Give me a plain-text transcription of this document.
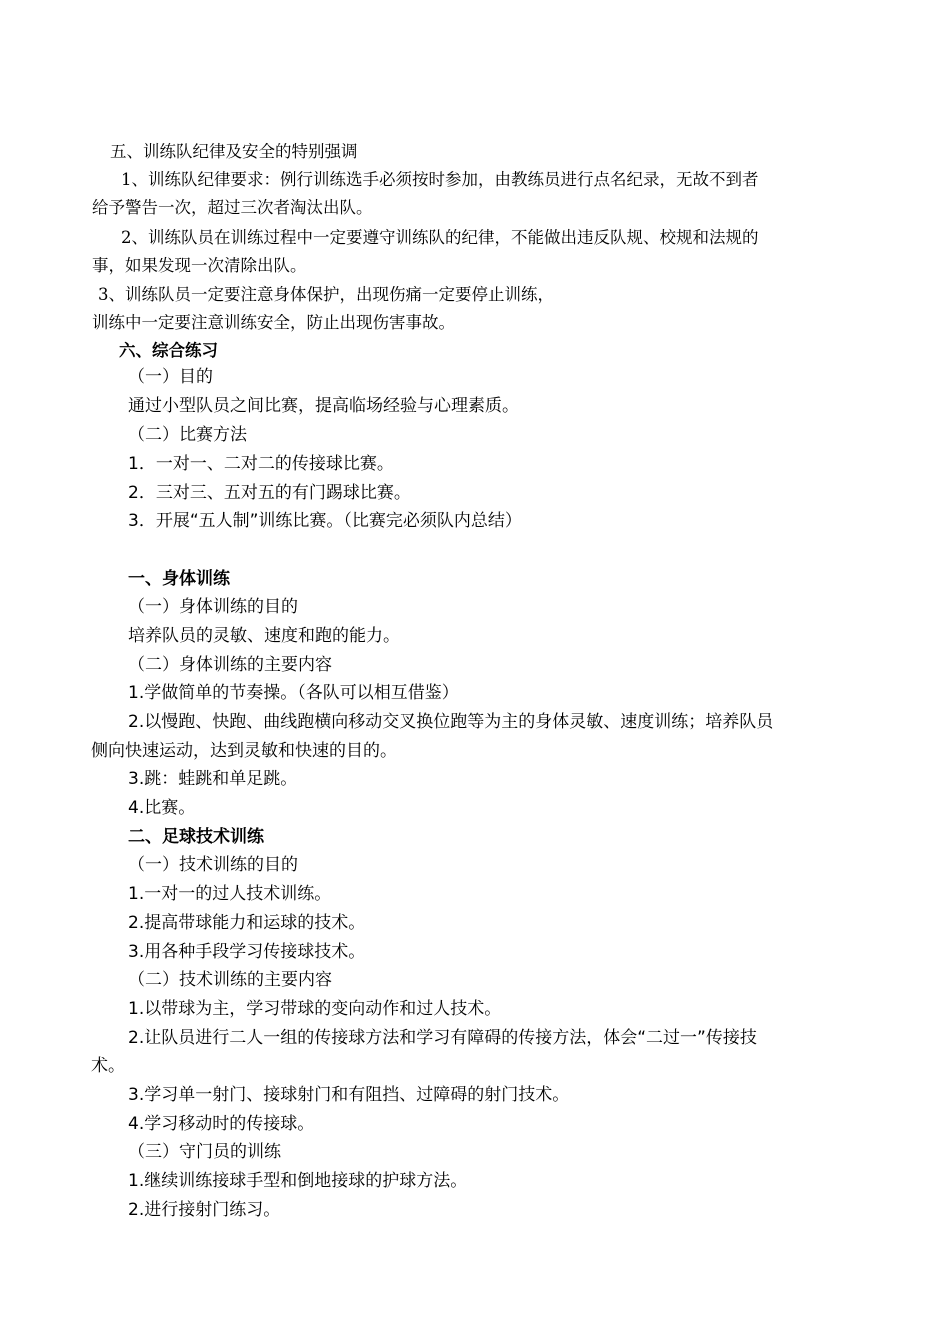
五、训练队纪律及安全的特别强调
1、训练队纪律要求：例行训练选手必须按时参加，由教练员进行点名纪录，无故不到者
给予警告一次，超过三次者淘汰出队。
2、训练队员在训练过程中一定要遵守训练队的纪律，不能做出违反队规、校规和法规的
事，如果发现一次清除出队。
3、训练队员一定要注意身体保护，出现伤痛一定要停止训练，
训练中一定要注意训练安全，防止出现伤害事故。
六、综合练习
（一）目的
通过小型队员之间比赛，提高临场经验与心理素质。
（二）比赛方法
1．一对一、二对二的传接球比赛。
2．三对三、五对五的有门踢球比赛。
3．开展“五人制”训练比赛。（比赛完必须队内总结）
一、身体训练
（一）身体训练的目的
培养队员的灵敏、速度和跑的能力。
（二）身体训练的主要内容
1.学做简单的节奏操。（各队可以相互借鉴）
2.以慢跑、快跑、曲线跑横向移动交叉换位跑等为主的身体灵敏、速度训练；培养队员
侧向快速运动，达到灵敏和快速的目的。
3.跳：蛙跳和单足跳。
4.比赛。
二、足球技术训练
（一）技术训练的目的
1.一对一的过人技术训练。
2.提高带球能力和运球的技术。
3.用各种手段学习传接球技术。
（二）技术训练的主要内容
1.以带球为主，学习带球的变向动作和过人技术。
2.让队员进行二人一组的传接球方法和学习有障碍的传接方法，体会“二过一”传接技
术。
3.学习单一射门、接球射门和有阻挡、过障碍的射门技术。
4.学习移动时的传接球。
（三）守门员的训练
1.继续训练接球手型和倒地接球的护球方法。
2.进行接射门练习。
